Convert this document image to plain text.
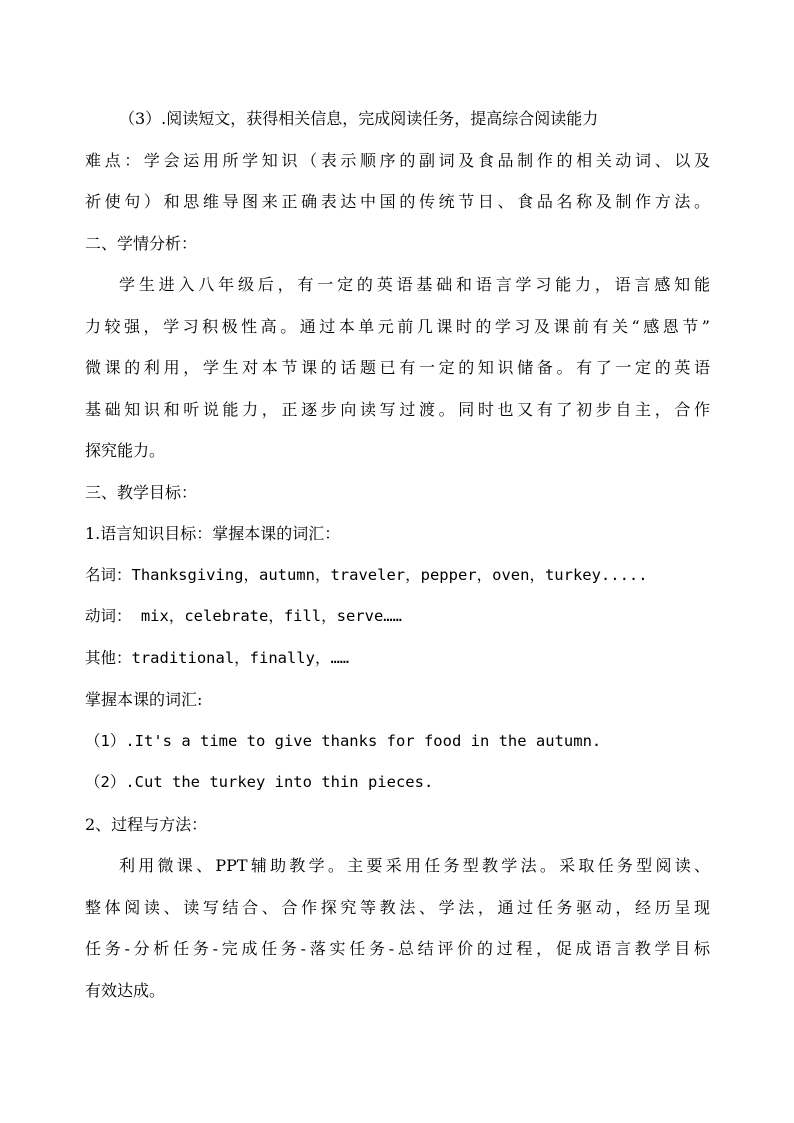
（3）.阅读短文，获得相关信息，完成阅读任务，提高综合阅读能力
难点：学会运用所学知识（表示顺序的副词及食品制作的相关动词、以及
祈使句）和思维导图来正确表达中国的传统节日、食品名称及制作方法。
二、学情分析：
学生进入八年级后，有一定的英语基础和语言学习能力，语言感知能
力较强，学习积极性高。通过本单元前几课时的学习及课前有关“感恩节”
微课的利用，学生对本节课的话题已有一定的知识储备。有了一定的英语
基础知识和听说能力，正逐步向读写过渡。同时也又有了初步自主，合作
探究能力。
三、教学目标：
1.语言知识目标：掌握本课的词汇：
名词：Thanksgiving，autumn，traveler，pepper，oven，turkey.....
动词： mix，celebrate，fill，serve……
其他：traditional，finally，……
掌握本课的词汇:
（1）.It's a time to give thanks for food in the autumn.
（2）.Cut the turkey into thin pieces.
2、过程与方法：
利用微课、PPT辅助教学。主要采用任务型教学法。采取任务型阅读、
整体阅读、读写结合、合作探究等教法、学法，通过任务驱动，经历呈现
任务-分析任务-完成任务-落实任务-总结评价的过程，促成语言教学目标
有效达成。
